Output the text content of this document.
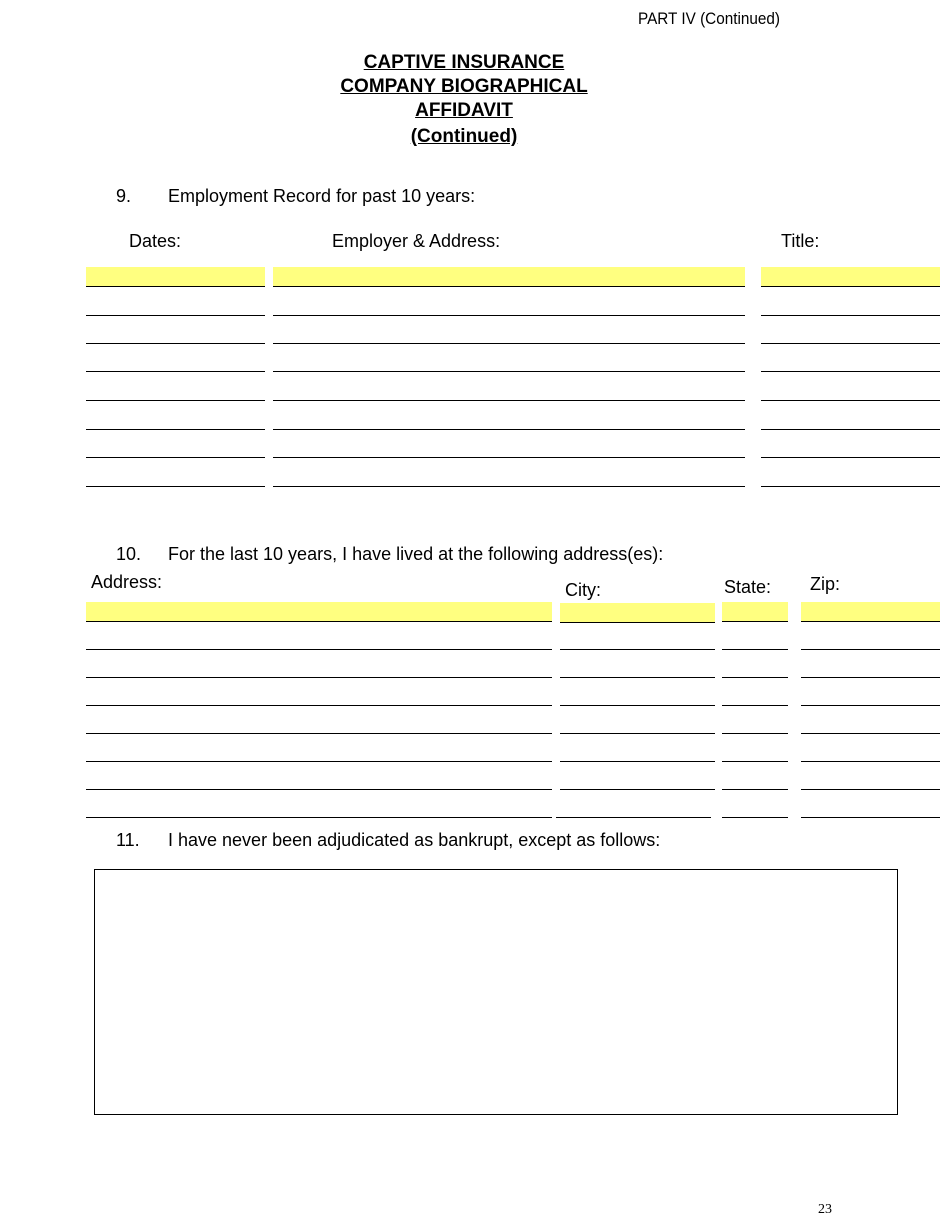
PART IV (Continued)
CAPTIVE INSURANCE
COMPANY BIOGRAPHICAL
AFFIDAVIT
(Continued)
9. Employment Record for past 10 years:
Dates:	Employer & Address:	Title:
10. For the last 10 years, I have lived at the following address(es):
Address:	City:	State: Zip:
11. I have never been adjudicated as bankrupt, except as follows:
23
